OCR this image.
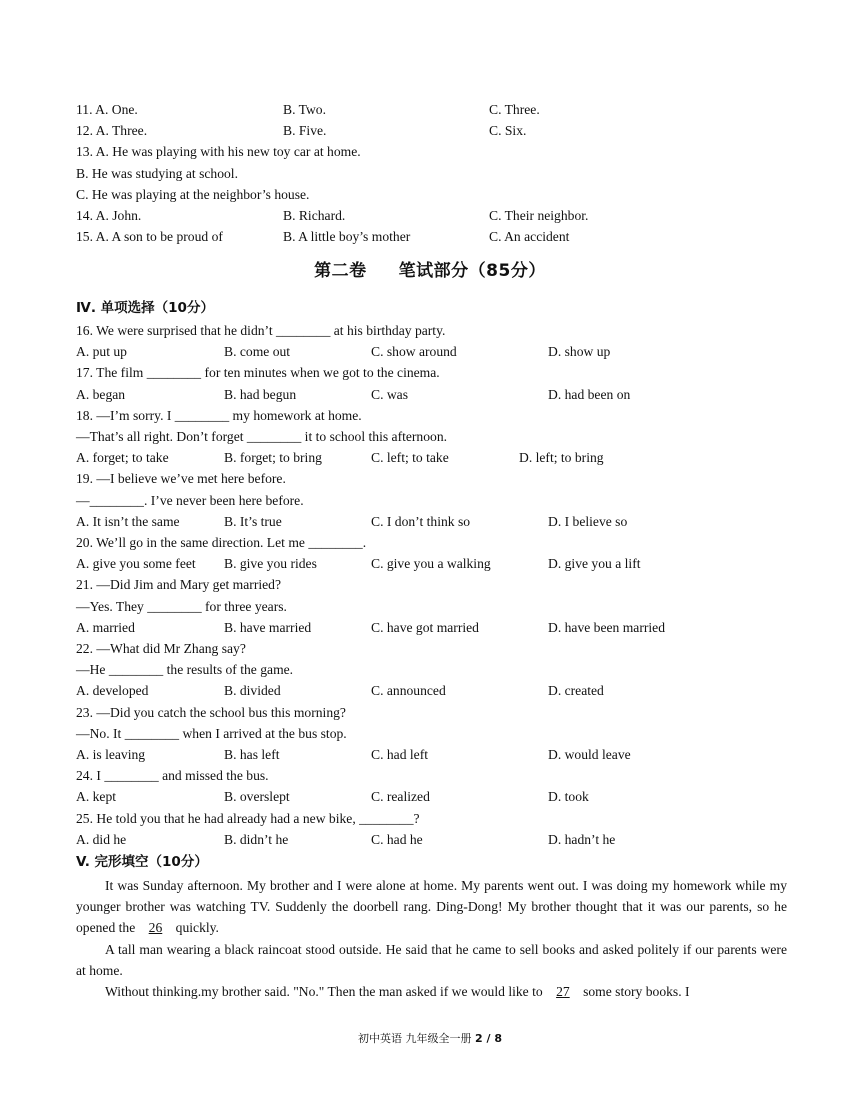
11. A. One.	B. Two.	C. Three.
12. A. Three.	B. Five.	C. Six.
13. A. He was playing with his new toy car at home.
B. He was studying at school.
C. He was playing at the neighbor’s house.
14. A. John.	B. Richard.	C. Their neighbor.
15. A. A son to be proud of	B. A little boy’s mother	C. An accident
第二卷 笔试部分（85分）
Ⅳ. 单项选择（10分）
16. We were surprised that he didn’t ________ at his birthday party.
A. put up	B. come out	C. show around	D. show up
17. The film ________ for ten minutes when we got to the cinema.
A. began	B. had begun	C. was	D. had been on
18. —I’m sorry. I ________ my homework at home.
—That’s all right. Don’t forget ________ it to school this afternoon.
A. forget; to take	B. forget; to bring	C. left; to take	D. left; to bring
19. —I believe we’ve met here before.
—________. I’ve never been here before.
A. It isn’t the same	B. It’s true	C. I don’t think so	D. I believe so
20. We’ll go in the same direction. Let me ________.
A. give you some feet B. give you rides	C. give you a walking	D. give you a lift
21. —Did Jim and Mary get married?
—Yes. They ________ for three years.
A. married	B. have married	C. have got married	D. have been married
22. —What did Mr Zhang say?
—He ________ the results of the game.
A. developed	B. divided	C. announced	D. created
23. —Did you catch the school bus this morning?
—No. It ________ when I arrived at the bus stop.
A. is leaving	B. has left	C. had left	D. would leave
24. I ________ and missed the bus.
A. kept	B. overslept	C. realized	D. took
25. He told you that he had already had a new bike, ________?
A. did he	B. didn’t he	C. had he	D. hadn’t he
V. 完形填空（10分）

It was Sunday afternoon. My brother and I were alone at home. My parents went out. I was doing my homework while my younger brother was watching TV. Suddenly the doorbell rang. Ding-Dong! My brother thought that it was our parents, so he opened the 26 quickly.

A tall man wearing a black raincoat stood outside. He said that he came to sell books and asked politely if our parents were at home.

Without thinking.my brother said. "No." Then the man asked if we would like to 27 some story books. I

初中英语 九年级全一册 2 / 8
